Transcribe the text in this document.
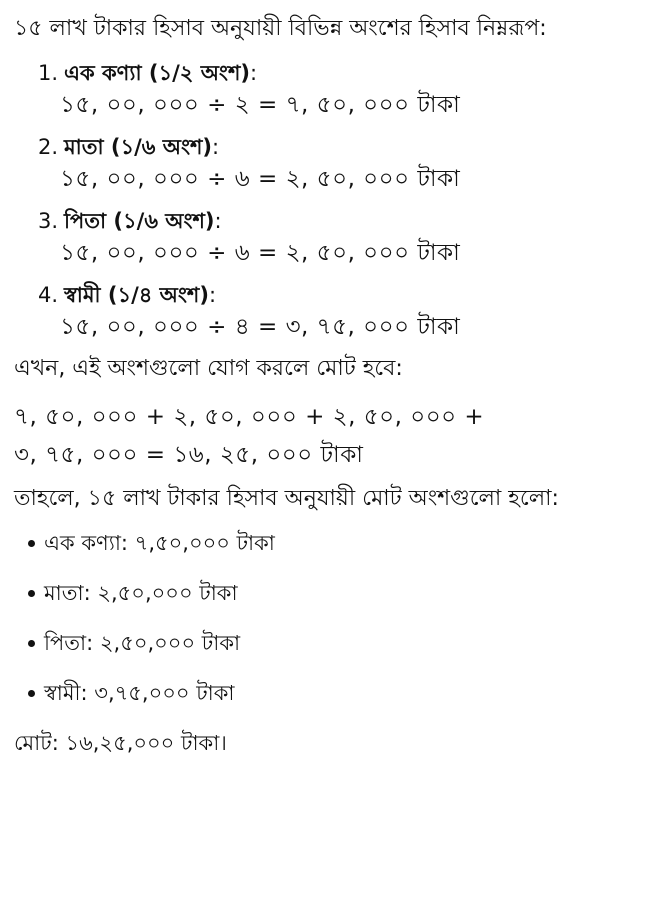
১৫ লাখ টাকার হিসাব অনুযায়ী বিভিন্ন অংশের হিসাব নিম্নরূপ:

1. এক কণ্যা (১/২ অংশ):
১৫, ০০, ০০০ ÷ ২ = ৭, ৫০, ০০০ টাকা
2. মাতা (১/৬ অংশ):
১৫, ০০, ০০০ ÷ ৬ = ২, ৫০, ০০০ টাকা
3. পিতা (১/৬ অংশ):
১৫, ০০, ০০০ ÷ ৬ = ২, ৫০, ০০০ টাকা
4. স্বামী (১/৪ অংশ):
১৫, ০০, ০০০ ÷ ৪ = ৩, ৭৫, ০০০ টাকা

এখন, এই অংশগুলো যোগ করলে মোট হবে:

৭, ৫০, ০০০ + ২, ৫০, ০০০ + ২, ৫০, ০০০ +
৩, ৭৫, ০০০ = ১৬, ২৫, ০০০ টাকা

তাহলে, ১৫ লাখ টাকার হিসাব অনুযায়ী মোট অংশগুলো হলো:

এক কণ্যা: ৭,৫০,০০০ টাকা
মাতা: ২,৫০,০০০ টাকা
পিতা: ২,৫০,০০০ টাকা
স্বামী: ৩,৭৫,০০০ টাকা
মোট: ১৬,২৫,০০০ টাকা।
